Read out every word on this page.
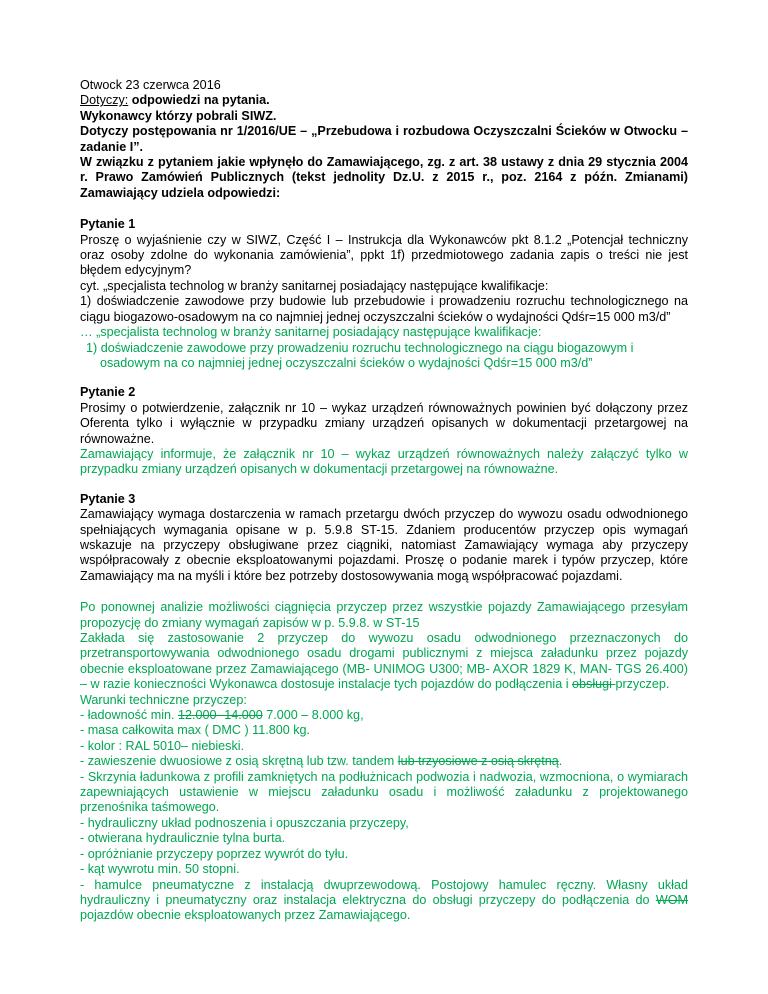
Otwock 23 czerwca 2016

Dotyczy: odpowiedzi na pytania.

Wykonawcy którzy pobrali SIWZ.

Dotyczy postępowania nr 1/2016/UE – „Przebudowa i rozbudowa Oczyszczalni Ścieków w Otwocku – zadanie I”.

W związku z pytaniem jakie wpłynęło do Zamawiającego, zg. z art. 38 ustawy z dnia 29 stycznia 2004 r. Prawo Zamówień Publicznych (tekst jednolity Dz.U. z 2015 r., poz. 2164 z późn. Zmianami) Zamawiający udziela odpowiedzi:

Pytanie 1

Proszę o wyjaśnienie czy w SIWZ, Część I – Instrukcja dla Wykonawców pkt 8.1.2 „Potencjał techniczny oraz osoby zdolne do wykonania zamówienia”, ppkt 1f) przedmiotowego zadania zapis o treści nie jest błędem edycyjnym?

cyt. „specjalista technolog w branży sanitarnej posiadający następujące kwalifikacje:

1) doświadczenie zawodowe przy budowie lub przebudowie i prowadzeniu rozruchu technologicznego na ciągu biogazowo-osadowym na co najmniej jednej oczyszczalni ścieków o wydajności Qdśr=15 000 m3/d”

… „specjalista technolog w branży sanitarnej posiadający następujące kwalifikacje:

1) doświadczenie zawodowe przy prowadzeniu rozruchu technologicznego na ciągu biogazowym i osadowym na co najmniej jednej oczyszczalni ścieków o wydajności Qdśr=15 000 m3/d”

Pytanie 2

Prosimy o potwierdzenie, załącznik nr 10 – wykaz urządzeń równoważnych powinien być dołączony przez Oferenta tylko i wyłącznie w przypadku zmiany urządzeń opisanych w dokumentacji przetargowej na równoważne.

Zamawiający informuje, że załącznik nr 10 – wykaz urządzeń równoważnych należy załączyć tylko w przypadku zmiany urządzeń opisanych w dokumentacji przetargowej na równoważne.

Pytanie 3

Zamawiający wymaga dostarczenia w ramach przetargu dwóch przyczep do wywozu osadu odwodnionego spełniających wymagania opisane w p. 5.9.8 ST-15. Zdaniem producentów przyczep opis wymagań wskazuje na przyczepy obsługiwane przez ciągniki, natomiast Zamawiający wymaga aby przyczepy współpracowały z obecnie eksploatowanymi pojazdami. Proszę o podanie marek i typów przyczep, które Zamawiający ma na myśli i które bez potrzeby dostosowywania mogą współpracować pojazdami.

Po ponownej analizie możliwości ciągnięcia przyczep przez wszystkie pojazdy Zamawiającego przesyłam propozycję do zmiany wymagań zapisów w p. 5.9.8. w ST-15

Zakłada się zastosowanie 2 przyczep do wywozu osadu odwodnionego przeznaczonych do przetransportowywania odwodnionego osadu drogami publicznymi z miejsca załadunku przez pojazdy obecnie eksploatowane przez Zamawiającego (MB- UNIMOG U300; MB- AXOR 1829 K, MAN- TGS 26.400) – w razie konieczności Wykonawca dostosuje instalacje tych pojazdów do podłączenia i obsługi przyczep.

Warunki techniczne przyczep:

- ładowność min. 12.000 -14.000 7.000 – 8.000 kg,

- masa całkowita max ( DMC ) 11.800 kg.

- kolor : RAL 5010– niebieski.

- zawieszenie dwuosiowe z osią skrętną lub tzw. tandem lub trzyosiowe z osią skrętną.

- Skrzynia ładunkowa z profili zamkniętych na podłużnicach podwozia i nadwozia, wzmocniona, o wymiarach zapewniających ustawienie w miejscu załadunku osadu i możliwość załadunku z projektowanego przenośnika taśmowego.

- hydrauliczny układ podnoszenia i opuszczania przyczepy,

- otwierana hydraulicznie tylna burta.

- opróżnianie przyczepy poprzez wywrót do tyłu.

- kąt wywrotu min. 50 stopni.

- hamulce pneumatyczne z instalacją dwuprzewodową. Postojowy hamulec ręczny. Własny układ hydrauliczny i pneumatyczny oraz instalacja elektryczna do obsługi przyczepy do podłączenia do WOM pojazdów obecnie eksploatowanych przez Zamawiającego.
